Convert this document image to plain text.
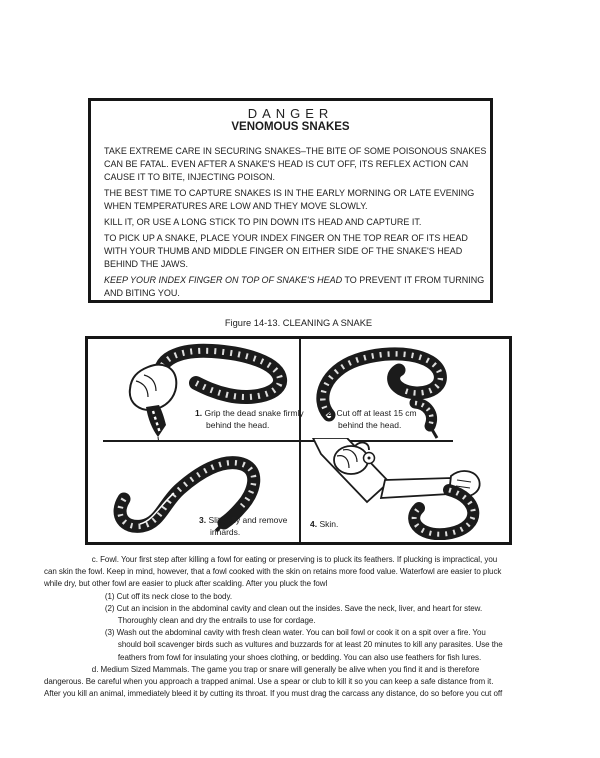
DANGER
VENOMOUS SNAKES
TAKE EXTREME CARE IN SECURING SNAKES–THE BITE OF SOME POISONOUS SNAKES
CAN BE FATAL. EVEN AFTER A SNAKE'S HEAD IS CUT OFF, ITS REFLEX ACTION CAN
CAUSE IT TO BITE, INJECTING POISON.
THE BEST TIME TO CAPTURE SNAKES IS IN THE EARLY MORNING OR LATE EVENING
WHEN TEMPERATURES ARE LOW AND THEY MOVE SLOWLY.
KILL IT, OR USE A LONG STICK TO PIN DOWN ITS HEAD AND CAPTURE IT.
TO PICK UP A SNAKE, PLACE YOUR INDEX FINGER ON THE TOP REAR OF ITS HEAD
WITH YOUR THUMB AND MIDDLE FINGER ON EITHER SIDE OF THE SNAKE'S HEAD
BEHIND THE JAWS.
KEEP YOUR INDEX FINGER ON TOP OF SNAKE'S HEAD TO PREVENT IT FROM TURNING
AND BITING YOU.
Figure 14-13. CLEANING A SNAKE
1. Grip the dead snake firmly behind the head.
2. Cut off at least 15 cm behind the head.
3. Slit belly and remove innards.
4. Skin.
c. Fowl. Your first step after killing a fowl for eating or preserving is to pluck its feathers. If plucking is impractical, you
can skin the fowl. Keep in mind, however, that a fowl cooked with the skin on retains more food value. Waterfowl are easier to pluck
while dry, but other fowl are easier to pluck after scalding. After you pluck the fowl
(1) Cut off its neck close to the body.
(2) Cut an incision in the abdominal cavity and clean out the insides. Save the neck, liver, and heart for stew.
Thoroughly clean and dry the entrails to use for cordage.
(3) Wash out the abdominal cavity with fresh clean water. You can boil fowl or cook it on a spit over a fire. You
should boil scavenger birds such as vultures and buzzards for at least 20 minutes to kill any parasites. Use the
feathers from fowl for insulating your shoes clothing, or bedding. You can also use feathers for fish lures.
d. Medium Sized Mammals. The game you trap or snare will generally be alive when you find it and is therefore
dangerous. Be careful when you approach a trapped animal. Use a spear or club to kill it so you can keep a safe distance from it.
After you kill an animal, immediately bleed it by cutting its throat. If you must drag the carcass any distance, do so before you cut off
